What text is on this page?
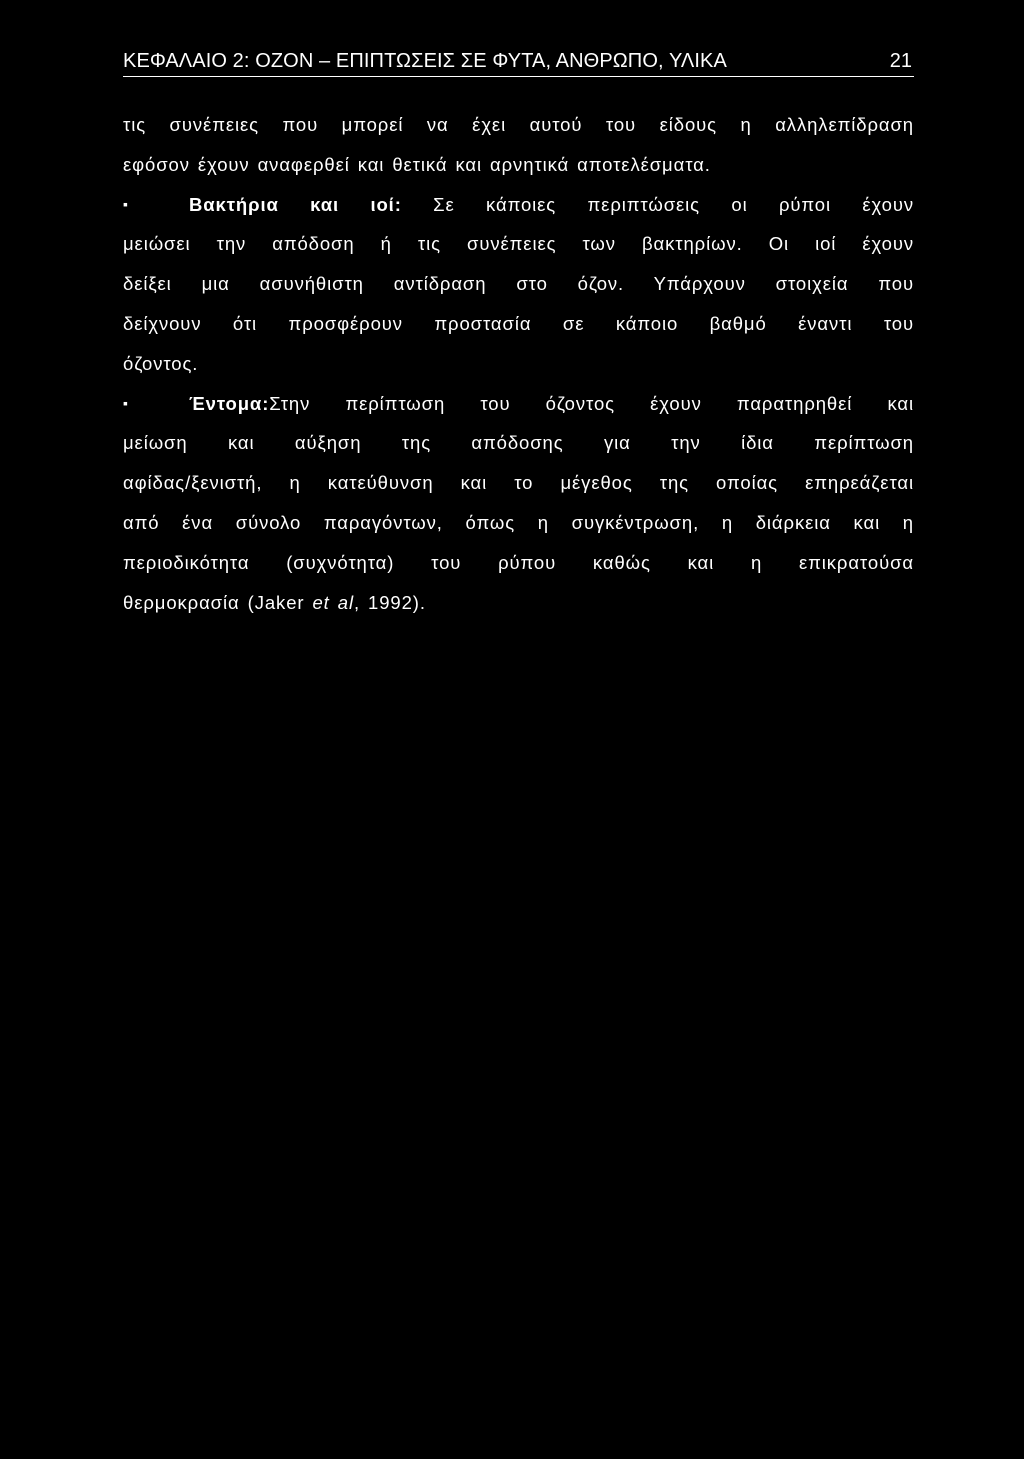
ΚΕΦΑΛΑΙΟ 2: ΟΖΟΝ – ΕΠΙΠΤΩΣΕΙΣ ΣΕ ΦΥΤΑ, ΑΝΘΡΩΠΟ, ΥΛΙΚΑ	21
τις συνέπειες που μπορεί να έχει αυτού του είδους η αλληλεπίδραση
εφόσον έχουν αναφερθεί και θετικά και αρνητικά αποτελέσματα.
▪	Βακτήρια και ιοί: Σε κάποιες περιπτώσεις οι ρύποι έχουν
μειώσει την απόδοση ή τις συνέπειες των βακτηρίων. Οι ιοί έχουν
δείξει μια ασυνήθιστη αντίδραση στο όζον. Υπάρχουν στοιχεία που
δείχνουν ότι προσφέρουν προστασία σε κάποιο βαθμό έναντι του
όζοντος.
▪	Έντομα:Στην περίπτωση του όζοντος έχουν παρατηρηθεί και
μείωση και αύξηση της απόδοσης για την ίδια περίπτωση
αφίδας/ξενιστή, η κατεύθυνση και το μέγεθος της οποίας επηρεάζεται
από ένα σύνολο παραγόντων, όπως η συγκέντρωση, η διάρκεια και η
περιοδικότητα (συχνότητα) του ρύπου καθώς και η επικρατούσα
θερμοκρασία (Jaker et al, 1992).
